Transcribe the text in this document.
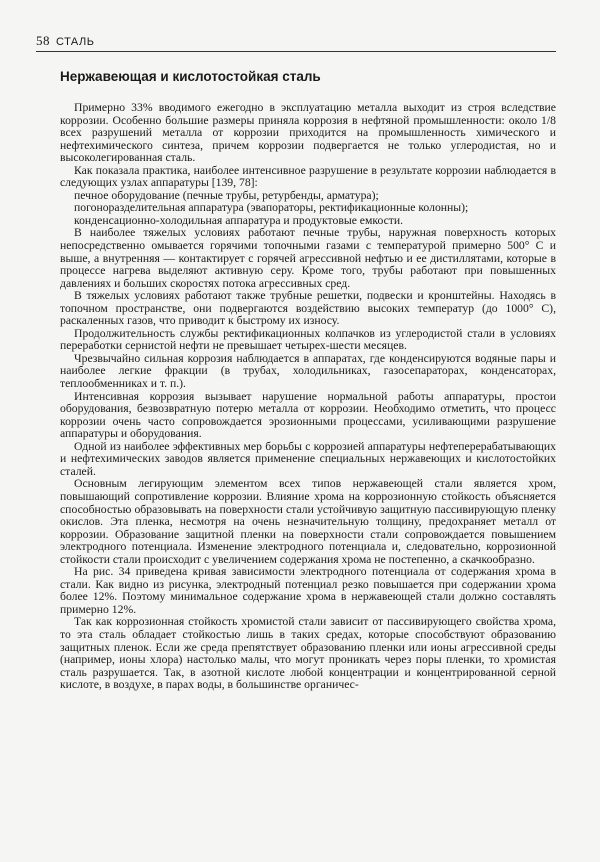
58 СТАЛЬ
Нержавеющая и кислотостойкая сталь

Примерно 33% вводимого ежегодно в эксплуатацию металла выходит из строя вследствие коррозии. Особенно большие размеры приняла коррозия в нефтяной промышленности: около 1/8 всех разрушений металла от коррозии приходится на промышленность химического и нефтехимического синтеза, причем коррозии подвергается не только углеродистая, но и высоколегированная сталь.

Как показала практика, наиболее интенсивное разрушение в результате коррозии наблюдается в следующих узлах аппаратуры [139, 78]:

печное оборудование (печные трубы, ретурбенды, арматура);

погоноразделительная аппаратура (эвапораторы, ректификационные колонны);

конденсационно-холодильная аппаратура и продуктовые емкости.

В наиболее тяжелых условиях работают печные трубы, наружная поверхность которых непосредственно омывается горячими топочными газами с температурой примерно 500° С и выше, а внутренняя — контактирует с горячей агрессивной нефтью и ее дистиллятами, которые в процессе нагрева выделяют активную серу. Кроме того, трубы работают при повышенных давлениях и больших скоростях потока агрессивных сред.

В тяжелых условиях работают также трубные решетки, подвески и кронштейны. Находясь в топочном пространстве, они подвергаются воздействию высоких температур (до 1000° С), раскаленных газов, что приводит к быстрому их износу.

Продолжительность службы ректификационных колпачков из углеродистой стали в условиях переработки сернистой нефти не превышает четырех-шести месяцев.

Чрезвычайно сильная коррозия наблюдается в аппаратах, где конденсируются водяные пары и наиболее легкие фракции (в трубах, холодильниках, газосепараторах, конденсаторах, теплообменниках и т. п.).

Интенсивная коррозия вызывает нарушение нормальной работы аппаратуры, простои оборудования, безвозвратную потерю металла от коррозии. Необходимо отметить, что процесс коррозии очень часто сопровождается эрозионными процессами, усиливающими разрушение аппаратуры и оборудования.

Одной из наиболее эффективных мер борьбы с коррозией аппаратуры нефтеперерабатывающих и нефтехимических заводов является применение специальных нержавеющих и кислотостойких сталей.

Основным легирующим элементом всех типов нержавеющей стали является хром, повышающий сопротивление коррозии. Влияние хрома на коррозионную стойкость объясняется способностью образовывать на поверхности стали устойчивую защитную пассивирующую пленку окислов. Эта пленка, несмотря на очень незначительную толщину, предохраняет металл от коррозии. Образование защитной пленки на поверхности стали сопровождается повышением электродного потенциала. Изменение электродного потенциала и, следовательно, коррозионной стойкости стали происходит с увеличением содержания хрома не постепенно, а скачкообразно.

На рис. 34 приведена кривая зависимости электродного потенциала от содержания хрома в стали. Как видно из рисунка, электродный потенциал резко повышается при содержании хрома более 12%. Поэтому минимальное содержание хрома в нержавеющей стали должно составлять примерно 12%.

Так как коррозионная стойкость хромистой стали зависит от пассивирующего свойства хрома, то эта сталь обладает стойкостью лишь в таких средах, которые способствуют образованию защитных пленок. Если же среда препятствует образованию пленки или ионы агрессивной среды (например, ионы хлора) настолько малы, что могут проникать через поры пленки, то хромистая сталь разрушается. Так, в азотной кислоте любой концентрации и концентрированной серной кислоте, в воздухе, в парах воды, в большинстве органичес-
